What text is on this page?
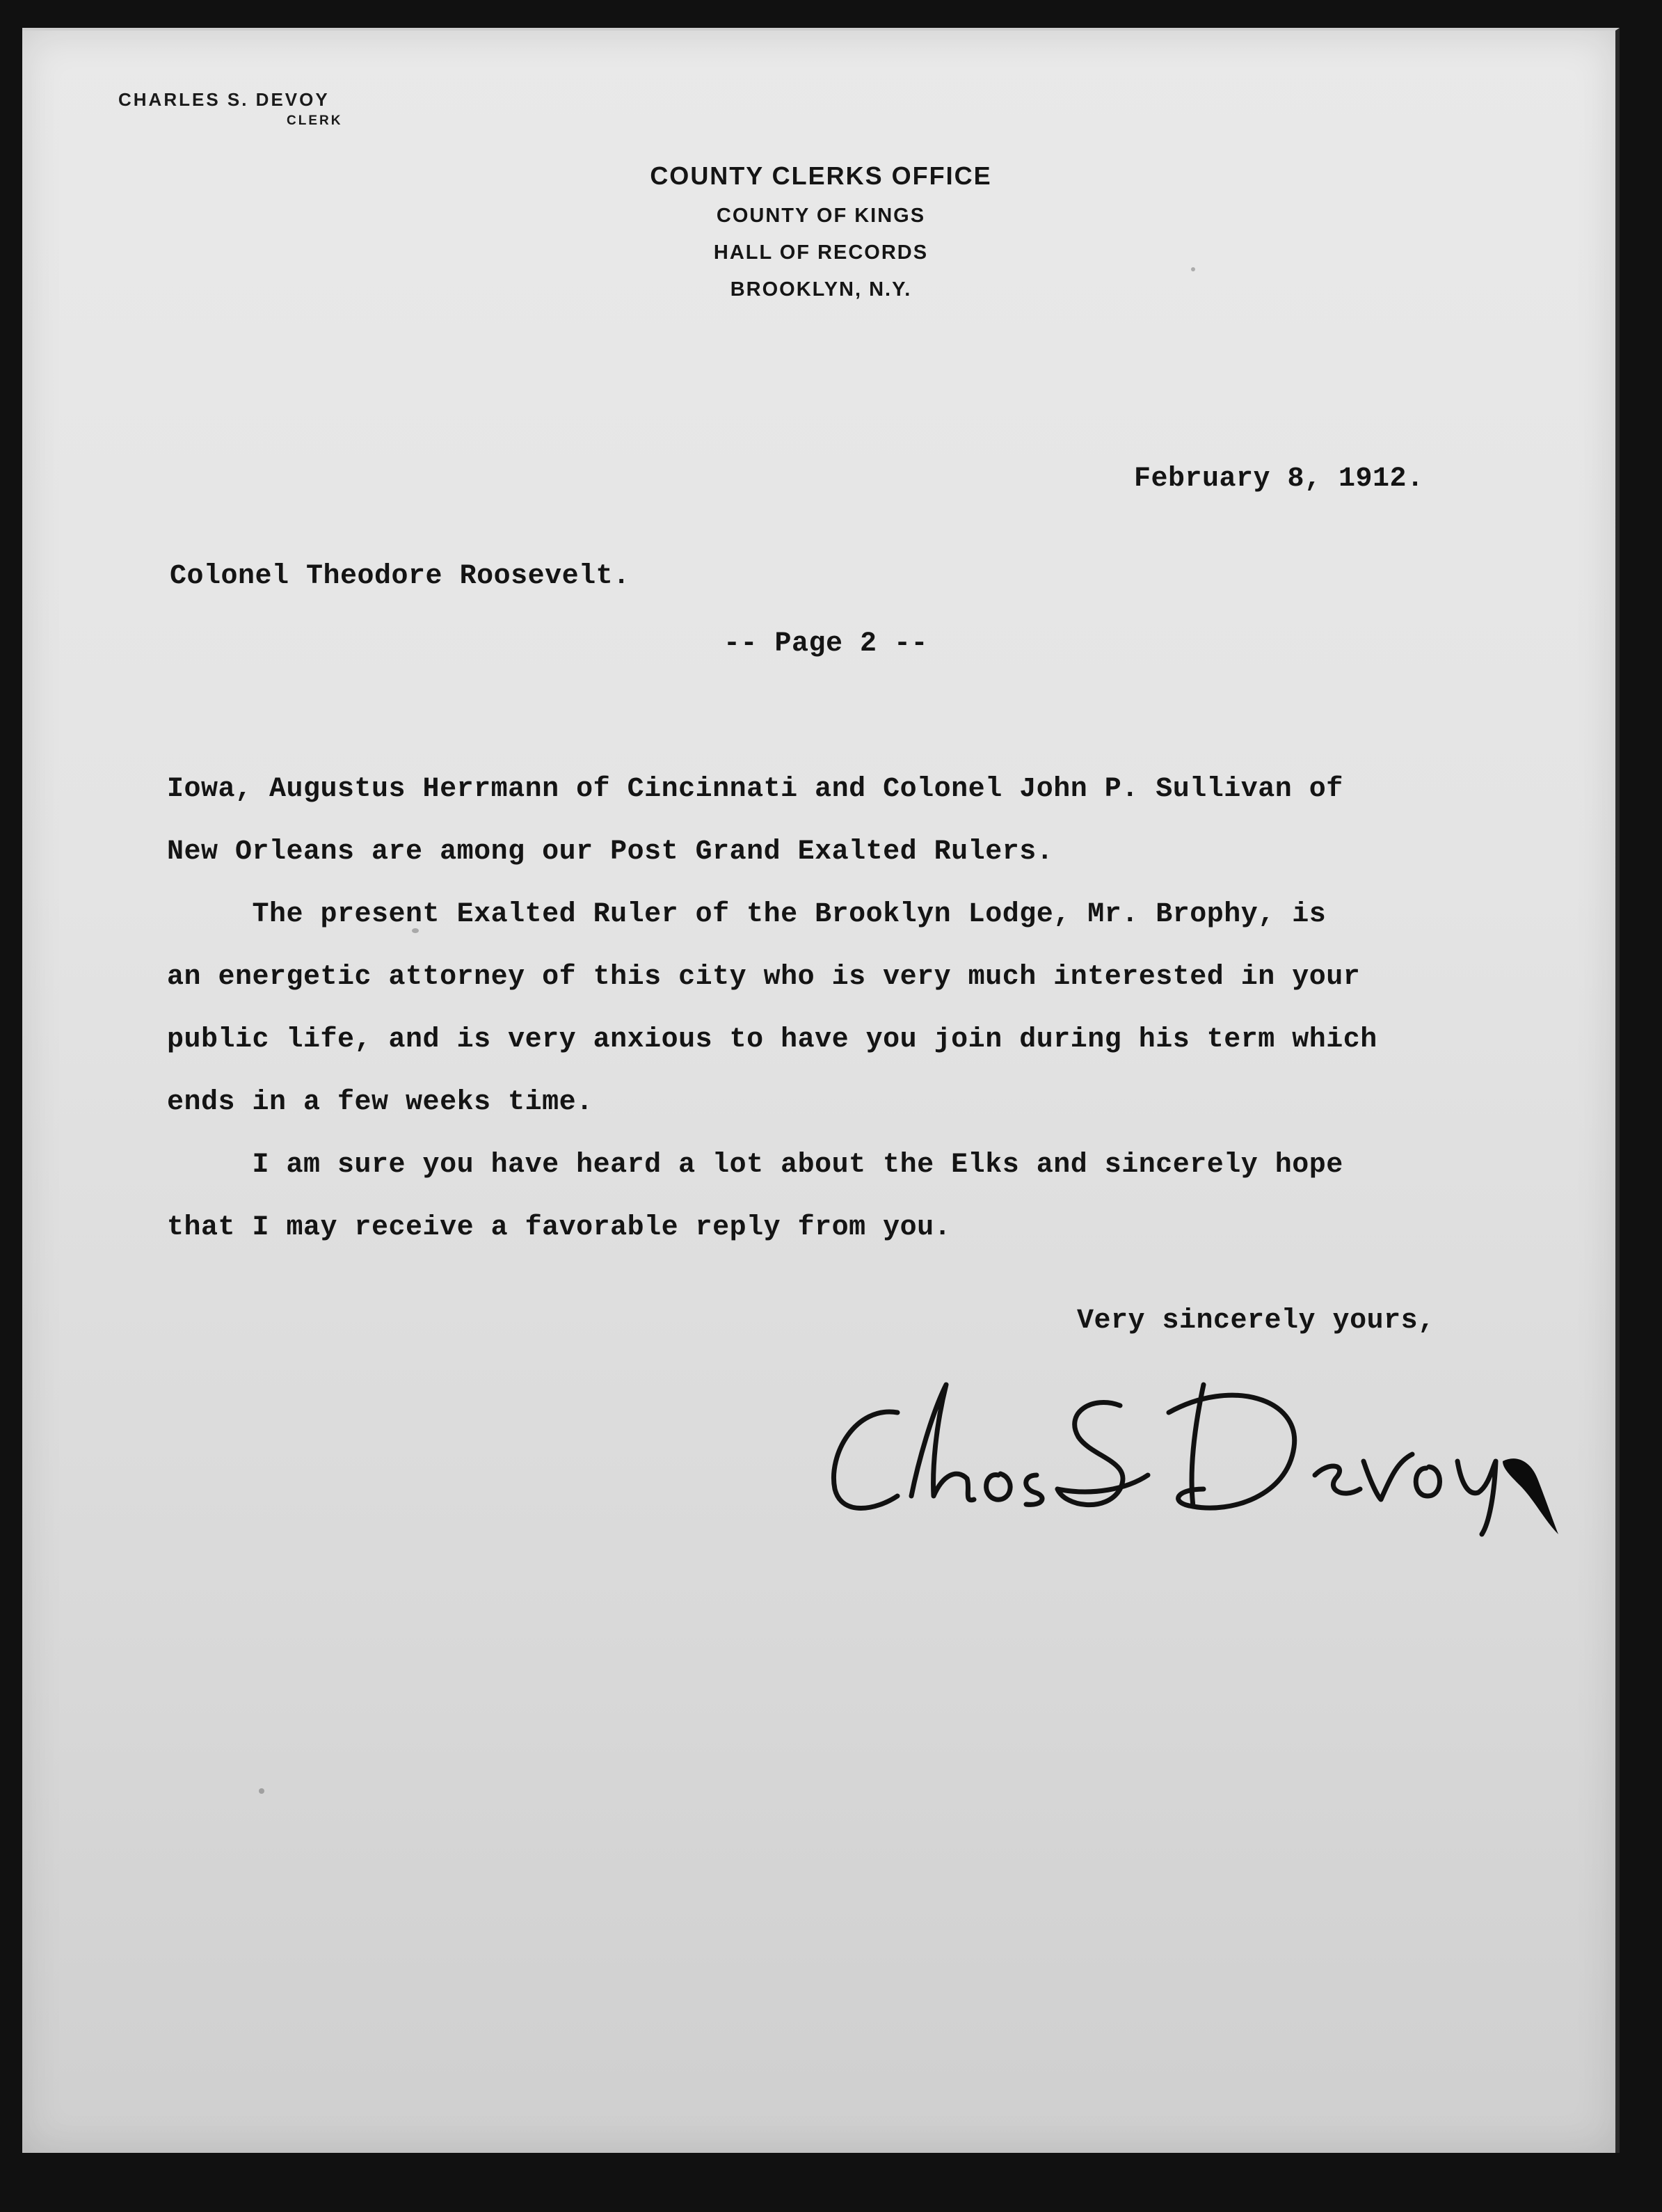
CHARLES S. DEVOY
CLERK
COUNTY CLERKS OFFICE
COUNTY OF KINGS
HALL OF RECORDS
BROOKLYN, N.Y.
February 8, 1912.
Colonel Theodore Roosevelt.
-- Page 2 --

Iowa, Augustus Herrmann of Cincinnati and Colonel John P. Sullivan of

New Orleans are among our Post Grand Exalted Rulers.

The present Exalted Ruler of the Brooklyn Lodge, Mr. Brophy, is

an energetic attorney of this city who is very much interested in your

public life, and is very anxious to have you join during his term which

ends in a few weeks time.

I am sure you have heard a lot about the Elks and sincerely hope

that I may receive a favorable reply from you.

Very sincerely yours,
